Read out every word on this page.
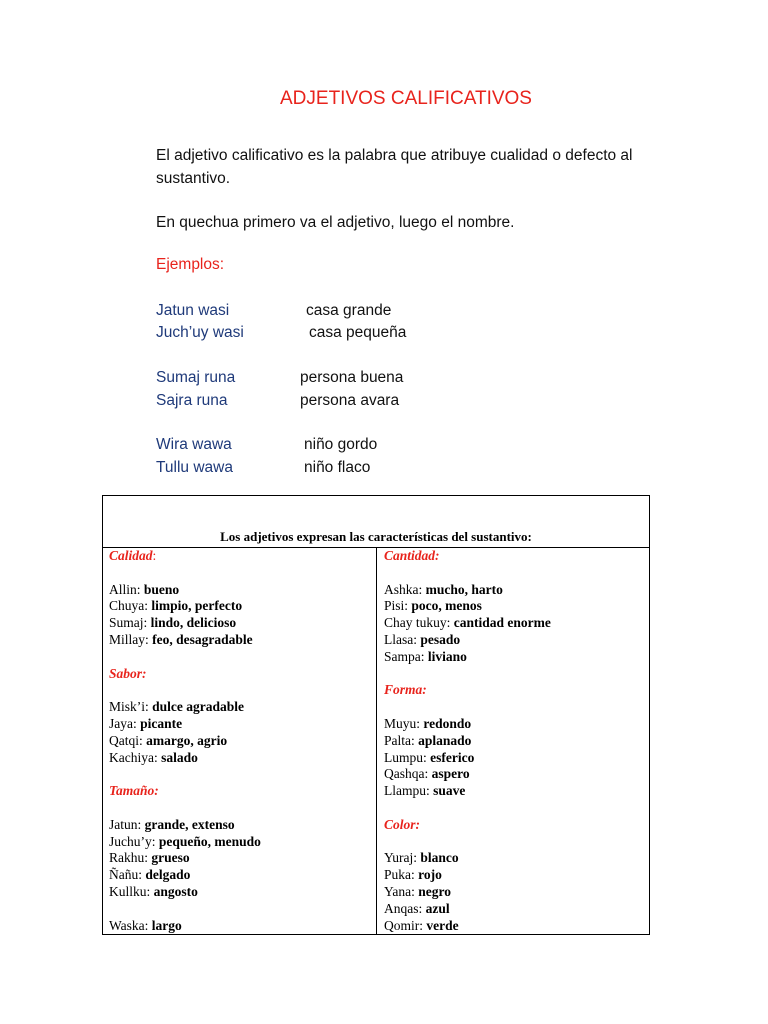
ADJETIVOS CALIFICATIVOS
El adjetivo calificativo es la palabra que atribuye cualidad o defecto al sustantivo.
En quechua primero va el adjetivo, luego el nombre.
Ejemplos:
Jatun wasi	casa grande
Juch’uy wasi	casa pequeña
Sumaj runa	persona buena
Sajra runa	persona avara
Wira wawa	niño gordo
Tullu wawa	niño flaco
Los adjetivos expresan las características del sustantivo:
Calidad:
Allin: bueno
Chuya: limpio, perfecto
Sumaj: lindo, delicioso
Millay: feo, desagradable
Sabor:
Misk’i: dulce agradable
Jaya: picante
Qatqi: amargo, agrio
Kachiya: salado
Tamaño:
Jatun: grande, extenso
Juchu’y: pequeño, menudo
Rakhu: grueso
Ñañu: delgado
Kullku: angosto
Waska: largo
Cantidad:
Ashka: mucho, harto
Pisi: poco, menos
Chay tukuy: cantidad enorme
Llasa: pesado
Sampa: liviano
Forma:
Muyu: redondo
Palta: aplanado
Lumpu: esferico
Qashqa: aspero
Llampu: suave
Color:
Yuraj: blanco
Puka: rojo
Yana: negro
Anqas: azul
Qomir: verde
